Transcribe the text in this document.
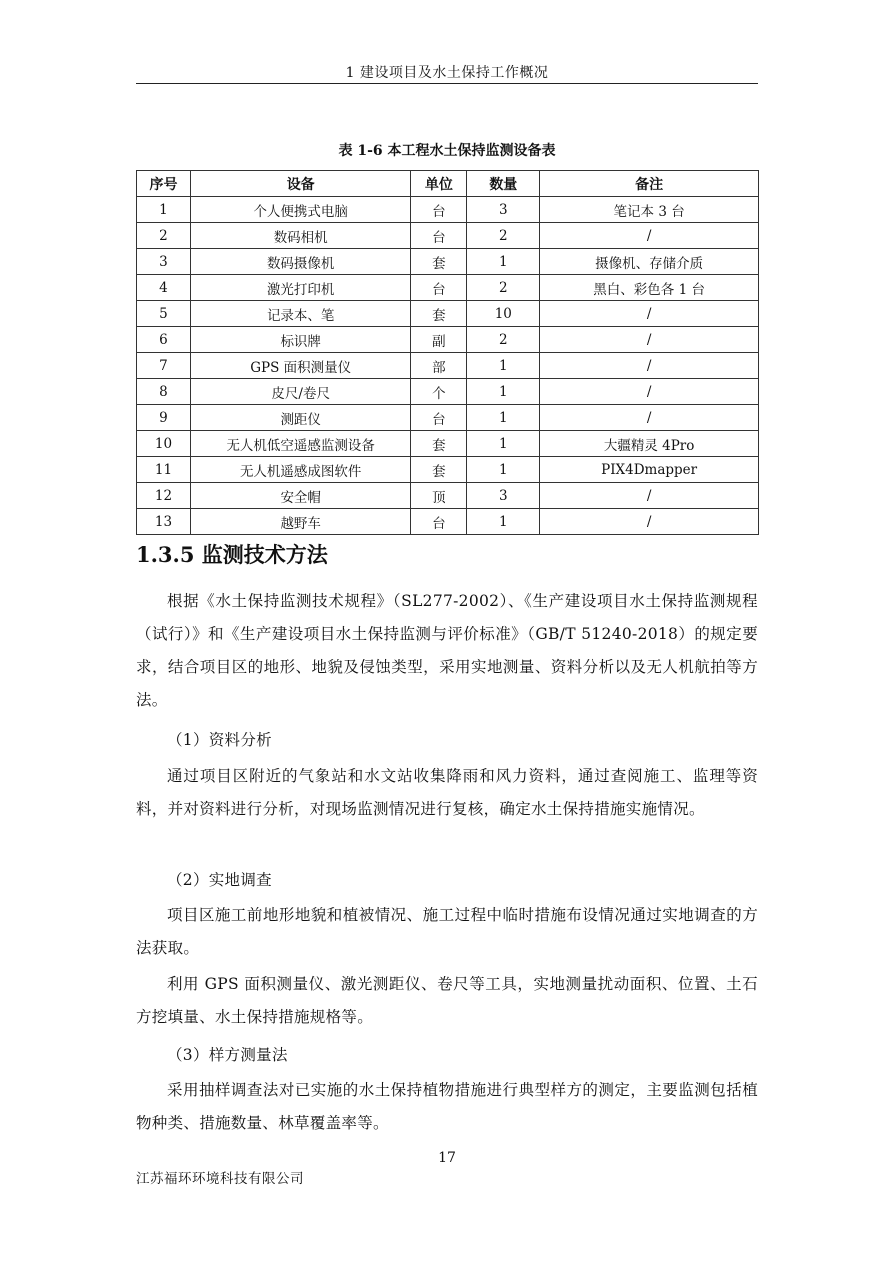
1 建设项目及水土保持工作概况
表 1-6 本工程水土保持监测设备表
序号	设备	单位	数量	备注
1	个人便携式电脑	台	3	笔记本 3 台
2	数码相机	台	2	/
3	数码摄像机	套	1	摄像机、存储介质
4	激光打印机	台	2	黑白、彩色各 1 台
5	记录本、笔	套	10	/
6	标识牌	副	2	/
7	GPS 面积测量仪	部	1	/
8	皮尺/卷尺	个	1	/
9	测距仪	台	1	/
10	无人机低空遥感监测设备	套	1	大疆精灵 4Pro
11	无人机遥感成图软件	套	1	PIX4Dmapper
12	安全帽	顶	3	/
13	越野车	台	1	/
1.3.5 监测技术方法

根据《水土保持监测技术规程》（SL277-2002）、《生产建设项目水土保持监测规程（试行）》和《生产建设项目水土保持监测与评价标准》（GB/T 51240-2018）的规定要求，结合项目区的地形、地貌及侵蚀类型，采用实地测量、资料分析以及无人机航拍等方法。

（1）资料分析

通过项目区附近的气象站和水文站收集降雨和风力资料，通过查阅施工、监理等资料，并对资料进行分析，对现场监测情况进行复核，确定水土保持措施实施情况。

（2）实地调查

项目区施工前地形地貌和植被情况、施工过程中临时措施布设情况通过实地调查的方法获取。

利用 GPS 面积测量仪、激光测距仪、卷尺等工具，实地测量扰动面积、位置、土石方挖填量、水土保持措施规格等。

（3）样方测量法

采用抽样调查法对已实施的水土保持植物措施进行典型样方的测定，主要监测包括植物种类、措施数量、林草覆盖率等。

17
江苏福环环境科技有限公司
